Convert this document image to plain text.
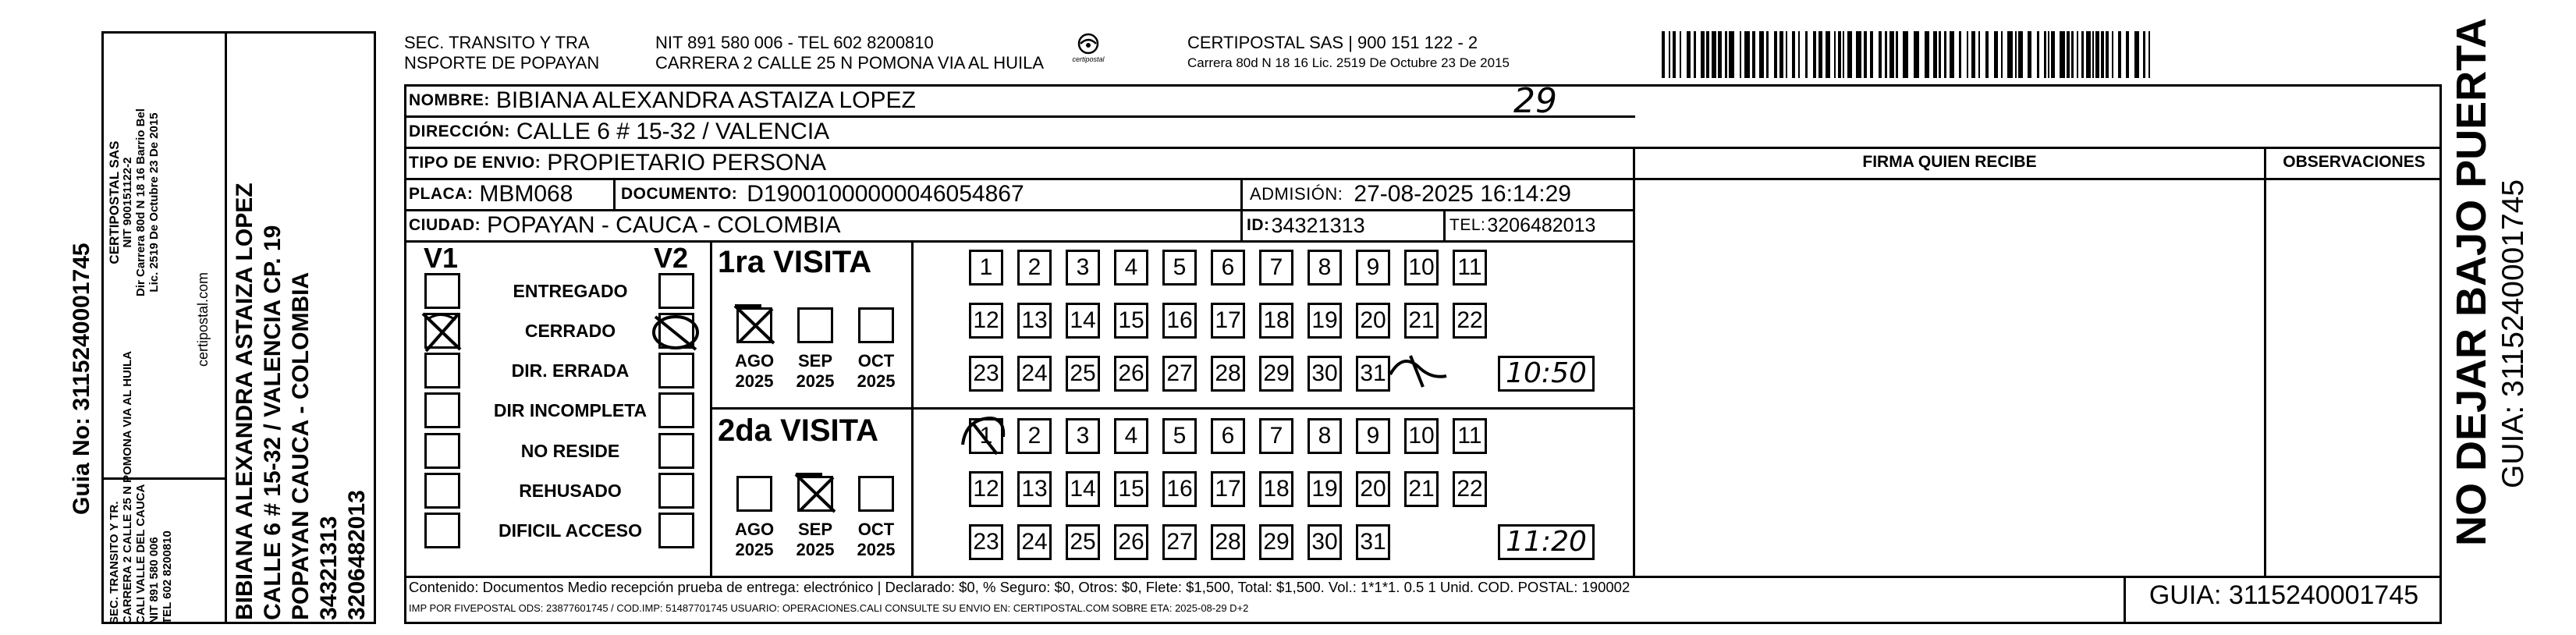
Guia No: 3115240001745
SEC. TRANSITO Y TR. CARRERA 2 CALLE 25 N POMONA VIA AL HUILA CALI VALLE DEL CAUCA NIT 891 580 006 TEL 602 8200810
CERTIPOSTAL SAS NIT 900151122-2 Dir Carrera 80d N 18 16 Barrio Bel Lic. 2519 De Octubre 23 De 2015
certipostal.com BIBIANA ALEXANDRA ASTAIZA LOPEZ CALLE 6 # 15-32 / VALENCIA CP. 19 POPAYAN CAUCA - COLOMBIA 34321313 3206482013
SEC. TRANSITO Y TRA
NSPORTE DE POPAYAN
NIT 891 580 006 - TEL 602 8200810
CARRERA 2 CALLE 25 N POMONA VIA AL HUILA	certipostal
CERTIPOSTAL SAS | 900 151 122 - 2
Carrera 80d N 18 16 Lic. 2519 De Octubre 23 De 2015
NOMBRE: BIBIANA ALEXANDRA ASTAIZA LOPEZ	29
DIRECCIÓN: CALLE 6 # 15-32 / VALENCIA
TIPO DE ENVIO: PROPIETARIO PERSONA	FIRMA QUIEN RECIBE	OBSERVACIONES
PLACA: MBM068	DOCUMENTO: D19001000000046054867	ADMISIÓN: 27-08-2025 16:14:29
CIUDAD: POPAYAN - CAUCA - COLOMBIA	ID: 34321313	TEL: 3206482013
V1	V2
ENTREGADO
CERRADO
DIR. ERRADA
DIR INCOMPLETA
NO RESIDE
REHUSADO
DIFICIL ACCESO
1ra VISITA
2da VISITA
1	2	3	4	5	6	7	8	9	10 11
12 13 14 15 16 17 18 19 20 21 22
23 24 25 26 27 28 29 30 31	10:50
1	2	3	4	5	6	7	8	9	10 11
12 13 14 15 16 17 18 19 20 21 22
23 24 25 26 27 28 29 30 31	11:20
AGO
2025
SEP
2025
OCT
2025
AGO
2025
SEP
2025
OCT
2025
Contenido: Documentos Medio recepción prueba de entrega: electrónico | Declarado: $0, % Seguro: $0, Otros: $0, Flete: $1,500, Total: $1,500. Vol.: 1*1*1. 0.5 1 Unid. COD. POSTAL: 190002
IMP POR FIVEPOSTAL ODS: 23877601745 / COD.IMP: 51487701745 USUARIO: OPERACIONES.CALI CONSULTE SU ENVIO EN: CERTIPOSTAL.COM SOBRE ETA: 2025-08-29 D+2	GUIA: 3115240001745
NO DEJAR BAJO PUERTA GUIA: 3115240001745
